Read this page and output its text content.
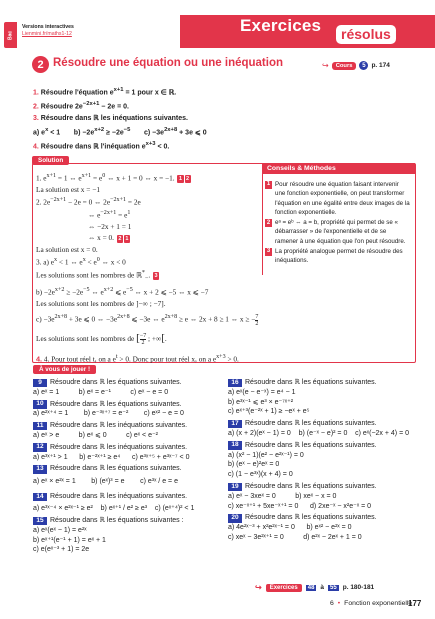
Bac
Versions interactives
Lienmini.fr/maths1-12	Exercices	résolus
2 Résoudre une équation ou une inéquation	↪	Cours	5 p. 174
1. Résoudre l'équation $e^{x+1} = 1$ pour x ∈ ℝ.
2. Résoudre $2e^{-2x+1} - 2e = 0$.
3. Résoudre dans ℝ les inéquations suivantes.
a) $e^x < 1$       $b) -2e^{x+2} \ge -2e^{-5}$       $c) -3e^{2x+8} + 3e$ ⩽ 0
4. Résoudre dans ℝ l'inéquation $e^{x+3} < 0$.
Solution
1. $e^{x+1} = 1$ ⇔ $e^{x+1} = e^0$ ⇔ x + 1 = 0 ⇔ x = −1. 1 2
La solution est x = −1
2. $2e^{-2x+1} - 2e = 0$ ⇔ $2e^{-2x+1} = 2e$
⇔ $e^{-2x+1} = e^1$
⇔ −2x + 1 = 1
⇔ x = 0. 2 1
La solution est x = 0.
3. a) $e^x < 1$ ⇔ $e^x < e^0$ ⇔ x < 0
Les solutions sont les nombres de ℝ*$_-$. 3
$b) -2e^{x+2} \ge -2e^{-5}$ ⇔ $e^{x+2}$ ⩽ $e^{-5}$ ⇔ x + 2 ⩽ −5 ⇔ x ⩽ −7
Les solutions sont les nombres de ]−∞ ; −7].
$c) -3e^{2x+8} + 3e$ ⩽ 0 ⇔ $-3e^{2x+8}$ ⩽ −3e ⇔ $e^{2x+8} \ge e$ ⇔ 2x + 8 ≥ 1 ⇔ x ≥ − $\frac{7}{2}$
Les solutions sont les nombres de [ $\frac{-7}{2}$ ; +∞[.
4. 4. Pour tout réel t, on a $e^t > 0$. Donc pour tout réel x, on a $e^{x+3} > 0$.
Conseils & Méthodes
1 Pour résoudre une équation faisant intervenir une fonction exponentielle, on peut transformer l'équation en une égalité entre deux images de la fonction exponentielle.
2 eᵃ = eᵇ ⇔ a = b, propriété qui permet de se « débarrasser » de l'exponentielle et de se ramener à une équation que l'on peut résoudre.
3 La propriété analogue permet de résoudre des inéquations.
À vous de jouer !
9	Résoudre dans ℝ les équations suivantes.
a) eˣ = 1          b) eˣ = e⁻¹          c) eˣ − e = 0
10 Résoudre dans ℝ les équations suivantes.
a) e²ˣ⁺⁴ = 1        b) e⁻³ˣ⁺⁷ = e⁻²        c) eˣ² − e = 0
11 Résoudre dans ℝ les inéquations suivantes.
a) eˣ > e          b) eˣ ⩽ 0          c) eˣ < e⁻²
12 Résoudre dans ℝ les inéquations suivantes.
a) e³ˣ⁺¹ > 1      b) e⁻²ˣ⁺¹ ≥ e⁴      c) e³ˣ⁺⁵ + e³ˣ⁻⁷ < 0
13 Résoudre dans ℝ les équations suivantes.
a) eˣ × e²ˣ = 1        b) (eˣ)³ = e        c) e³ˣ / e = e
14 Résoudre dans ℝ les inéquations suivantes.
a) e³ˣ⁻⁴ × e²ˣ⁻¹ ≥ e²    b) eˣ⁺¹ / e² ≥ e³    c) (eˣ⁺⁴)² < 1
15 Résoudre dans ℝ les équations suivantes :
a) eˣ(eˣ − 1) = e²ˣ
b) eˣ⁺¹(e⁻¹ + 1) = eˣ + 1
c) e(eˣ⁻³ + 1) = 2e
16 Résoudre dans ℝ les équations suivantes.
a) eˣ(e − e⁻ˣ) = e⁴ − 1
b) e³ˣ⁻¹ ⩽ e³ × e⁻⁷ˣ⁺²
c) eˣ⁺³(e⁻²ˣ + 1) ≥ −eˣ + e⁵
17 Résoudre dans ℝ les équations suivantes.
a) (x + 2)(eˣ − 1) = 0    b) (e⁻ˣ − e)² = 0    c) eˣ(−2x + 4) = 0
18 Résoudre dans ℝ les équations suivantes.
a) (x² − 1)(e² − e²ˣ⁻¹) = 0
b) (eˣ − e)²eˣ = 0
c) (1 − e³ˣ)(x + 4) = 0
19 Résoudre dans ℝ les équations suivantes.
a) eˣ − 3xeˣ = 0          b) xeˣ − x = 0
c) xe⁻ˣ⁺¹ + 5xe⁻ˣ⁺¹ = 0      d) 2xe⁻ˣ − x²e⁻ˣ = 0
20 Résoudre dans ℝ les équations suivantes.
a) 4e²ˣ⁻³ + x²e²ˣ⁻¹ = 0      b) eˣ² − e²ˣ = 0
c) xeˣ − 3e²ˣ⁺¹ = 0          d) e²ˣ − 2eˣ + 1 = 0
↪	Exercices	48 à	55 p. 180-181
6 • Fonction exponentielle
177
